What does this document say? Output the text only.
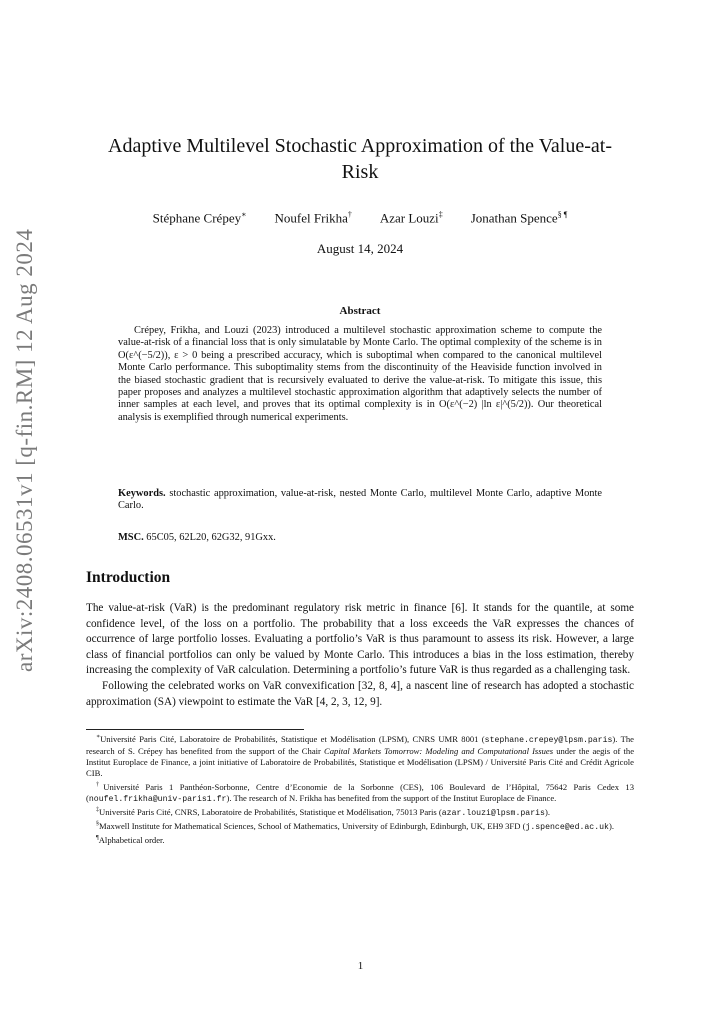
arXiv:2408.06531v1 [q-fin.RM] 12 Aug 2024
Adaptive Multilevel Stochastic Approximation of the Value-at-Risk
Stéphane Crépey∗ Noufel Frikha† Azar Louzi‡ Jonathan Spence§ ¶
August 14, 2024
Abstract
Crépey, Frikha, and Louzi (2023) introduced a multilevel stochastic approximation scheme to compute the value-at-risk of a financial loss that is only simulatable by Monte Carlo. The optimal complexity of the scheme is in O(ε^(−5/2)), ε > 0 being a prescribed accuracy, which is suboptimal when compared to the canonical multilevel Monte Carlo performance. This suboptimality stems from the discontinuity of the Heaviside function involved in the biased stochastic gradient that is recursively evaluated to derive the value-at-risk. To mitigate this issue, this paper proposes and analyzes a multilevel stochastic approximation algorithm that adaptively selects the number of inner samples at each level, and proves that its optimal complexity is in O(ε^(−2) |ln ε|^(5/2)). Our theoretical analysis is exemplified through numerical experiments.
Keywords. stochastic approximation, value-at-risk, nested Monte Carlo, multilevel Monte Carlo, adaptive Monte Carlo.
MSC. 65C05, 62L20, 62G32, 91Gxx.
Introduction

The value-at-risk (VaR) is the predominant regulatory risk metric in finance [6]. It stands for the quantile, at some confidence level, of the loss on a portfolio. The probability that a loss exceeds the VaR expresses the chances of occurrence of large portfolio losses. Evaluating a portfolio’s VaR is thus paramount to assess its risk. However, a large class of financial portfolios can only be valued by Monte Carlo. This introduces a bias in the loss estimation, thereby increasing the complexity of VaR calculation. Determining a portfolio’s future VaR is thus regarded as a challenging task.

Following the celebrated works on VaR convexification [32, 8, 4], a nascent line of research has adopted a stochastic approximation (SA) viewpoint to estimate the VaR [4, 2, 3, 12, 9].

∗Université Paris Cité, Laboratoire de Probabilités, Statistique et Modélisation (LPSM), CNRS UMR 8001 (stephane.crepey@lpsm.paris). The research of S. Crépey has benefited from the support of the Chair Capital Markets Tomorrow: Modeling and Computational Issues under the aegis of the Institut Europlace de Finance, a joint initiative of Laboratoire de Probabilités, Statistique et Modélisation (LPSM) / Université Paris Cité and Crédit Agricole CIB.

†Université Paris 1 Panthéon-Sorbonne, Centre d’Economie de la Sorbonne (CES), 106 Boulevard de l’Hôpital, 75642 Paris Cedex 13 (noufel.frikha@univ-paris1.fr). The research of N. Frikha has benefited from the support of the Institut Europlace de Finance.

‡Université Paris Cité, CNRS, Laboratoire de Probabilités, Statistique et Modélisation, 75013 Paris (azar.louzi@lpsm.paris).

§Maxwell Institute for Mathematical Sciences, School of Mathematics, University of Edinburgh, Edinburgh, UK, EH9 3FD (j.spence@ed.ac.uk).

¶Alphabetical order.

1
